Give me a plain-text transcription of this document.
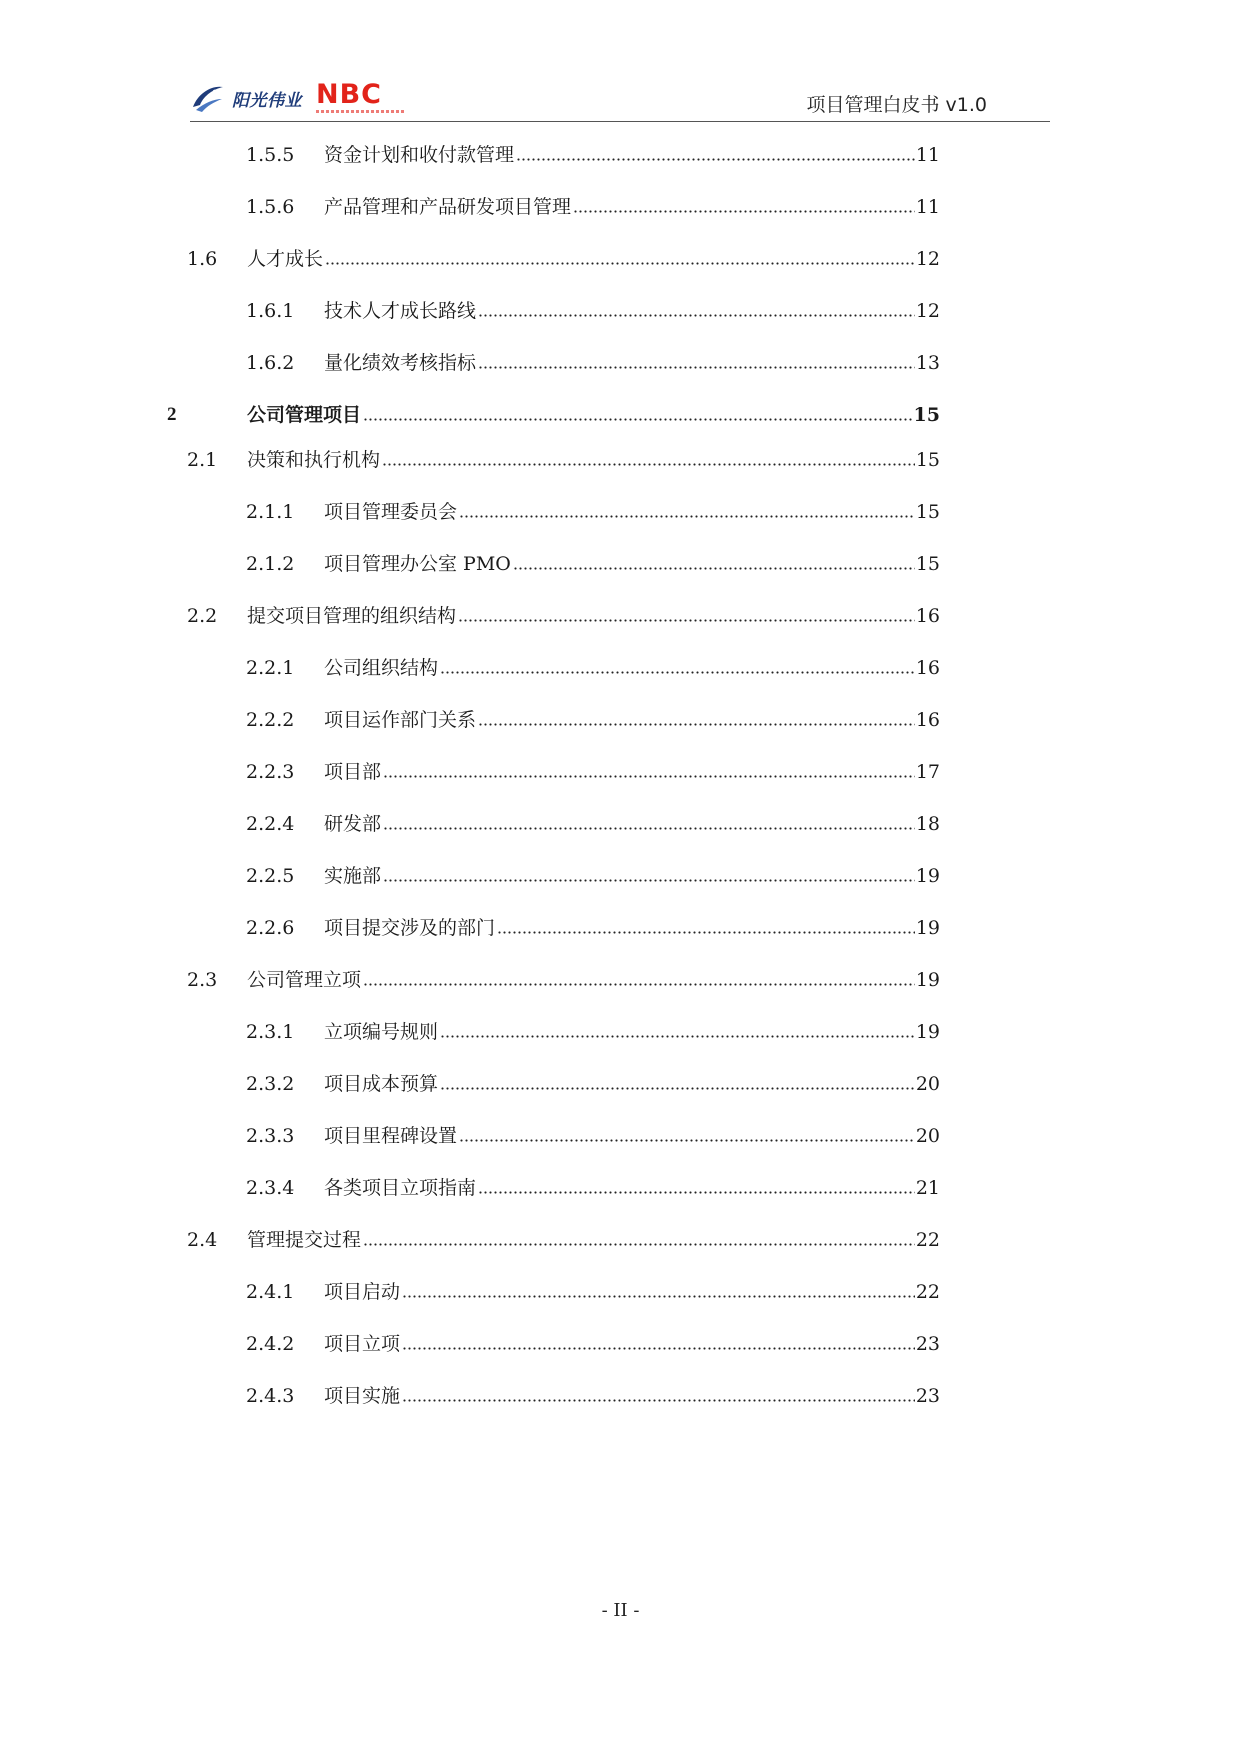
阳光伟业 NBC	项目管理白皮书 v1.0
1.5.5	资金计划和收付款管理	11
1.5.6	产品管理和产品研发项目管理	11
1.6	人才成长	12
1.6.1	技术人才成长路线	12
1.6.2	量化绩效考核指标	13
2	公司管理项目	15
2.1	决策和执行机构	15
2.1.1	项目管理委员会	15
2.1.2	项目管理办公室 PMO	15
2.2	提交项目管理的组织结构	16
2.2.1	公司组织结构	16
2.2.2	项目运作部门关系	16
2.2.3	项目部	17
2.2.4	研发部	18
2.2.5	实施部	19
2.2.6	项目提交涉及的部门	19
2.3	公司管理立项	19
2.3.1	立项编号规则	19
2.3.2	项目成本预算	20
2.3.3	项目里程碑设置	20
2.3.4	各类项目立项指南	21
2.4	管理提交过程	22
2.4.1	项目启动	22
2.4.2	项目立项	23
2.4.3	项目实施	23
- II -
